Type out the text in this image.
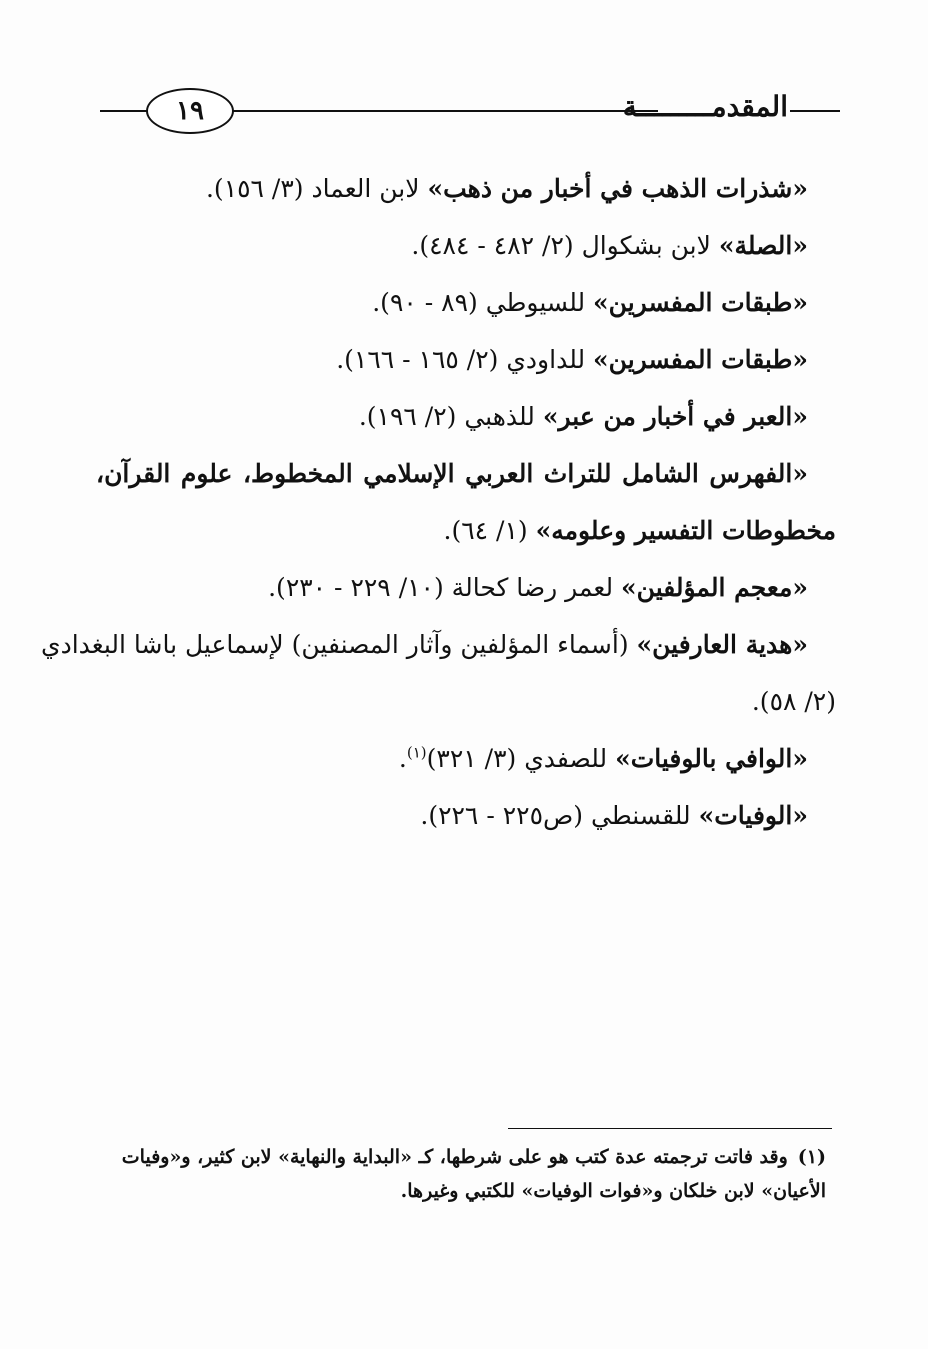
١٩	المقدمـــــــــة
«شذرات الذهب في أخبار من ذهب» لابن العماد (٣/ ١٥٦).
«الصلة» لابن بشكوال (٢/ ٤٨٢ - ٤٨٤).
«طبقات المفسرين» للسيوطي (٨٩ - ٩٠).
«طبقات المفسرين» للداودي (٢/ ١٦٥ - ١٦٦).
«العبر في أخبار من عبر» للذهبي (٢/ ١٩٦).
«الفهرس الشامل للتراث العربي الإسلامي المخطوط، علوم القرآن،
مخطوطات التفسير وعلومه» (١/ ٦٤).
«معجم المؤلفين» لعمر رضا كحالة (١٠/ ٢٢٩ - ٢٣٠).
«هدية العارفين» (أسماء المؤلفين وآثار المصنفين) لإسماعيل باشا البغدادي
(٢/ ٥٨).
«الوافي بالوفيات» للصفدي (٣/ ٣٢١)$^{(١)}$.
«الوفيات» للقسنطي (ص٢٢٥ - ٢٢٦).
(١)وقد فاتت ترجمته عدة كتب هو على شرطها، كـ «البداية والنهاية» لابن كثير، و«وفيات
الأعيان» لابن خلكان و«فوات الوفيات» للكتبي وغيرها.
